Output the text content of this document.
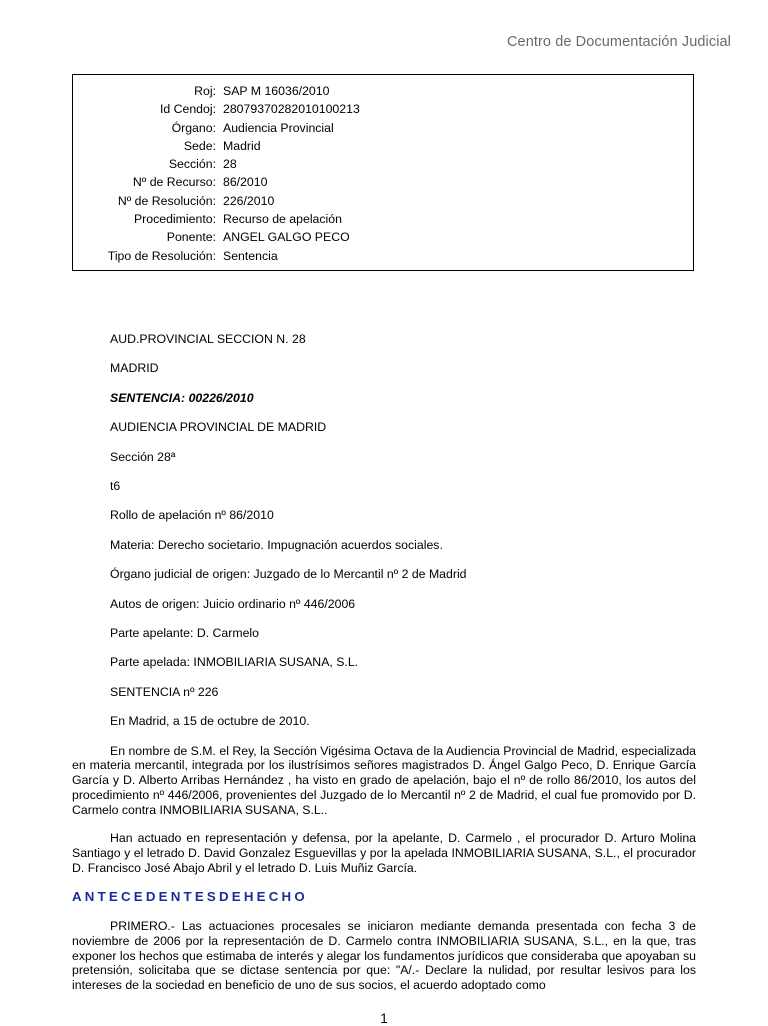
Centro de Documentación Judicial
Roj:	SAP M 16036/2010
Id Cendoj:	28079370282010100213
Órgano:	Audiencia Provincial
Sede:	Madrid
Sección:	28
Nº de Recurso:	86/2010
Nº de Resolución:	226/2010
Procedimiento:	Recurso de apelación
Ponente:	ANGEL GALGO PECO
Tipo de Resolución:	Sentencia
AUD.PROVINCIAL SECCION N. 28
MADRID
SENTENCIA: 00226/2010
AUDIENCIA PROVINCIAL DE MADRID
Sección 28ª
t6
Rollo de apelación nº 86/2010
Materia: Derecho societario. Impugnación acuerdos sociales.
Órgano judicial de origen: Juzgado de lo Mercantil nº 2 de Madrid
Autos de origen: Juicio ordinario nº 446/2006
Parte apelante: D. Carmelo
Parte apelada: INMOBILIARIA SUSANA, S.L.
SENTENCIA nº 226
En Madrid, a 15 de octubre de 2010.

En nombre de S.M. el Rey, la Sección Vigésima Octava de la Audiencia Provincial de Madrid, especializada en materia mercantil, integrada por los ilustrísimos señores magistrados D. Ángel Galgo Peco, D. Enrique García García y D. Alberto Arribas Hernández , ha visto en grado de apelación, bajo el nº de rollo 86/2010, los autos del procedimiento nº 446/2006, provenientes del Juzgado de lo Mercantil nº 2 de Madrid, el cual fue promovido por D. Carmelo contra INMOBILIARIA SUSANA, S.L..

Han actuado en representación y defensa, por la apelante, D. Carmelo , el procurador D. Arturo Molina Santiago y el letrado D. David Gonzalez Esguevillas y por la apelada INMOBILIARIA SUSANA, S.L., el procurador D. Francisco José Abajo Abril y el letrado D. Luis Muñiz García.

ANTECEDENTESDEHECHO

PRIMERO.- Las actuaciones procesales se iniciaron mediante demanda presentada con fecha 3 de noviembre de 2006 por la representación de D. Carmelo contra INMOBILIARIA SUSANA, S.L., en la que, tras exponer los hechos que estimaba de interés y alegar los fundamentos jurídicos que consideraba que apoyaban su pretensión, solicitaba que se dictase sentencia por que: "A/.- Declare la nulidad, por resultar lesivos para los intereses de la sociedad en beneficio de uno de sus socios, el acuerdo adoptado como

1
